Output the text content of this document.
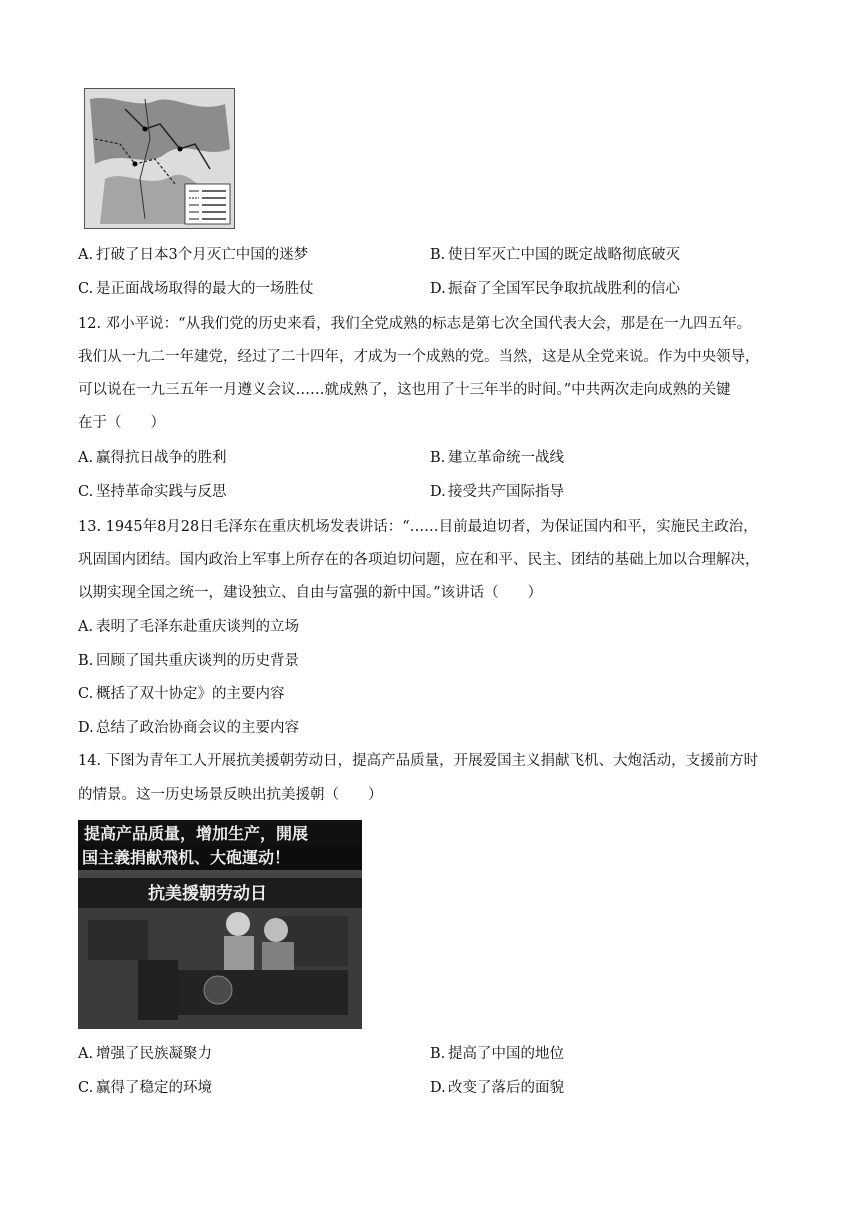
A. 打破了日本3个月灭亡中国的迷梦	B. 使日军灭亡中国的既定战略彻底破灭
C. 是正面战场取得的最大的一场胜仗	D. 振奋了全国军民争取抗战胜利的信心
12. 邓小平说：“从我们党的历史来看，我们全党成熟的标志是第七次全国代表大会，那是在一九四五年。
我们从一九二一年建党，经过了二十四年，才成为一个成熟的党。当然，这是从全党来说。作为中央领导，
可以说在一九三五年一月遵义会议……就成熟了，这也用了十三年半的时间。”中共两次走向成熟的关键
在于（　　）
A. 赢得抗日战争的胜利	B. 建立革命统一战线
C. 坚持革命实践与反思	D. 接受共产国际指导
13. 1945年8月28日毛泽东在重庆机场发表讲话：“……目前最迫切者，为保证国内和平，实施民主政治，
巩固国内团结。国内政治上军事上所存在的各项迫切问题，应在和平、民主、团结的基础上加以合理解决，
以期实现全国之统一，建设独立、自由与富强的新中国。”该讲话（　　）
A. 表明了毛泽东赴重庆谈判的立场
B. 回顾了国共重庆谈判的历史背景
C. 概括了双十协定》的主要内容
D. 总结了政治协商会议的主要内容
14. 下图为青年工人开展抗美援朝劳动日，提高产品质量，开展爱国主义捐献飞机、大炮活动，支援前方时
的情景。这一历史场景反映出抗美援朝（　　）
提高产品质量，增加生产，開展
国主義捐献飛机、大砲運动！
抗美援朝劳动日
A. 增强了民族凝聚力	B. 提高了中国的地位
C. 赢得了稳定的环境	D. 改变了落后的面貌
